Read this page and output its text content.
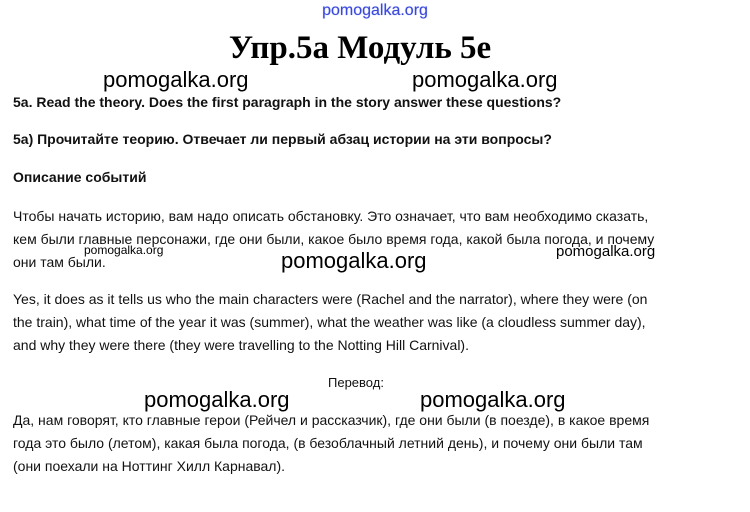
pomogalka.org
Упр.5а Модуль 5е
pomogalka.org	pomogalka.org
5a. Read the theory. Does the first paragraph in the story answer these questions?
5а) Прочитайте теорию. Отвечает ли первый абзац истории на эти вопросы?
Описание событий
Чтобы начать историю, вам надо описать обстановку. Это означает, что вам необходимо сказать,
кем были главные персонажи, где они были, какое было время года, какой была погода, и почему
они там были.
pomogalka.org	pomogalka.org	pomogalka.org
Yes, it does as it tells us who the main characters were (Rachel and the narrator), where they were (on
the train), what time of the year it was (summer), what the weather was like (a cloudless summer day),
and why they were there (they were travelling to the Notting Hill Carnival).
Перевод:
pomogalka.org	pomogalka.org
Да, нам говорят, кто главные герои (Рейчел и рассказчик), где они были (в поезде), в какое время
года это было (летом), какая была погода, (в безоблачный летний день), и почему они были там
(они поехали на Ноттинг Хилл Карнавал).
